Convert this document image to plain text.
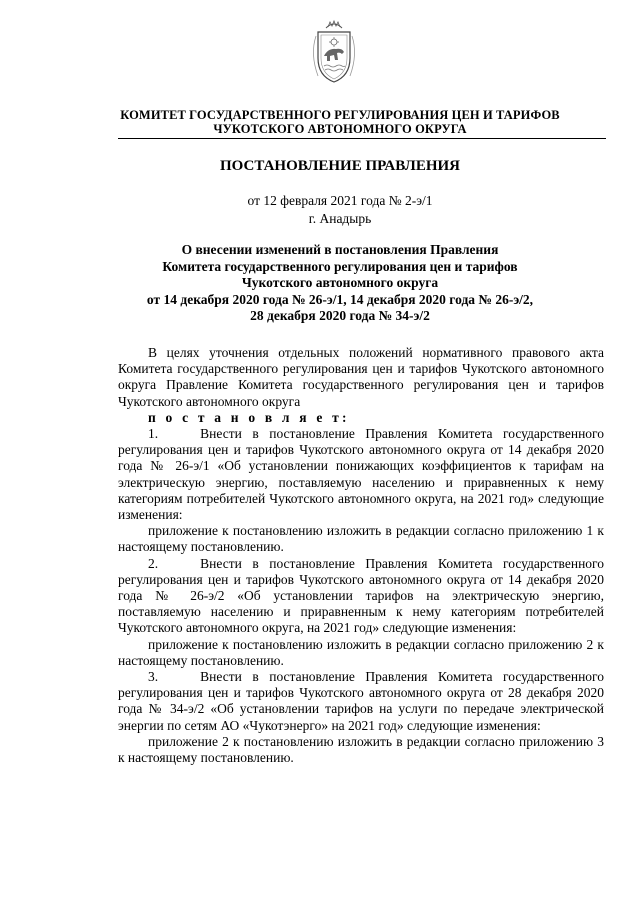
КОМИТЕТ ГОСУДАРСТВЕННОГО РЕГУЛИРОВАНИЯ ЦЕН И ТАРИФОВ
ЧУКОТСКОГО АВТОНОМНОГО ОКРУГА
ПОСТАНОВЛЕНИЕ ПРАВЛЕНИЯ
от 12 февраля 2021 года № 2-э/1
г. Анадырь
О внесении изменений в постановления Правления
Комитета государственного регулирования цен и тарифов
Чукотского автономного округа
от 14 декабря 2020 года № 26-э/1, 14 декабря 2020 года № 26-э/2,
28 декабря 2020 года № 34-э/2

В целях уточнения отдельных положений нормативного правового акта Комитета государственного регулирования цен и тарифов Чукотского автономного округа Правление Комитета государственного регулирования цен и тарифов Чукотского автономного округа

п о с т а н о в л я е т:

1.    Внести в постановление Правления Комитета государственного регулирования цен и тарифов Чукотского автономного округа от 14 декабря 2020 года № 26-э/1 «Об установлении понижающих коэффициентов к тарифам на электрическую энергию, поставляемую населению и приравненных к нему категориям потребителей Чукотского автономного округа, на 2021 год» следующие изменения:

приложение к постановлению изложить в редакции согласно приложению 1 к настоящему постановлению.

2.    Внести в постановление Правления Комитета государственного регулирования цен и тарифов Чукотского автономного округа от 14 декабря 2020 года № 26-э/2 «Об установлении тарифов на электрическую энергию, поставляемую населению и приравненным к нему категориям потребителей Чукотского автономного округа, на 2021 год» следующие изменения:

приложение к постановлению изложить в редакции согласно приложению 2 к настоящему постановлению.

3.    Внести в постановление Правления Комитета государственного регулирования цен и тарифов Чукотского автономного округа от 28 декабря 2020 года № 34-э/2 «Об установлении тарифов на услуги по передаче электрической энергии по сетям АО «Чукотэнерго» на 2021 год» следующие изменения:

приложение 2 к постановлению изложить в редакции согласно приложению 3 к настоящему постановлению.
